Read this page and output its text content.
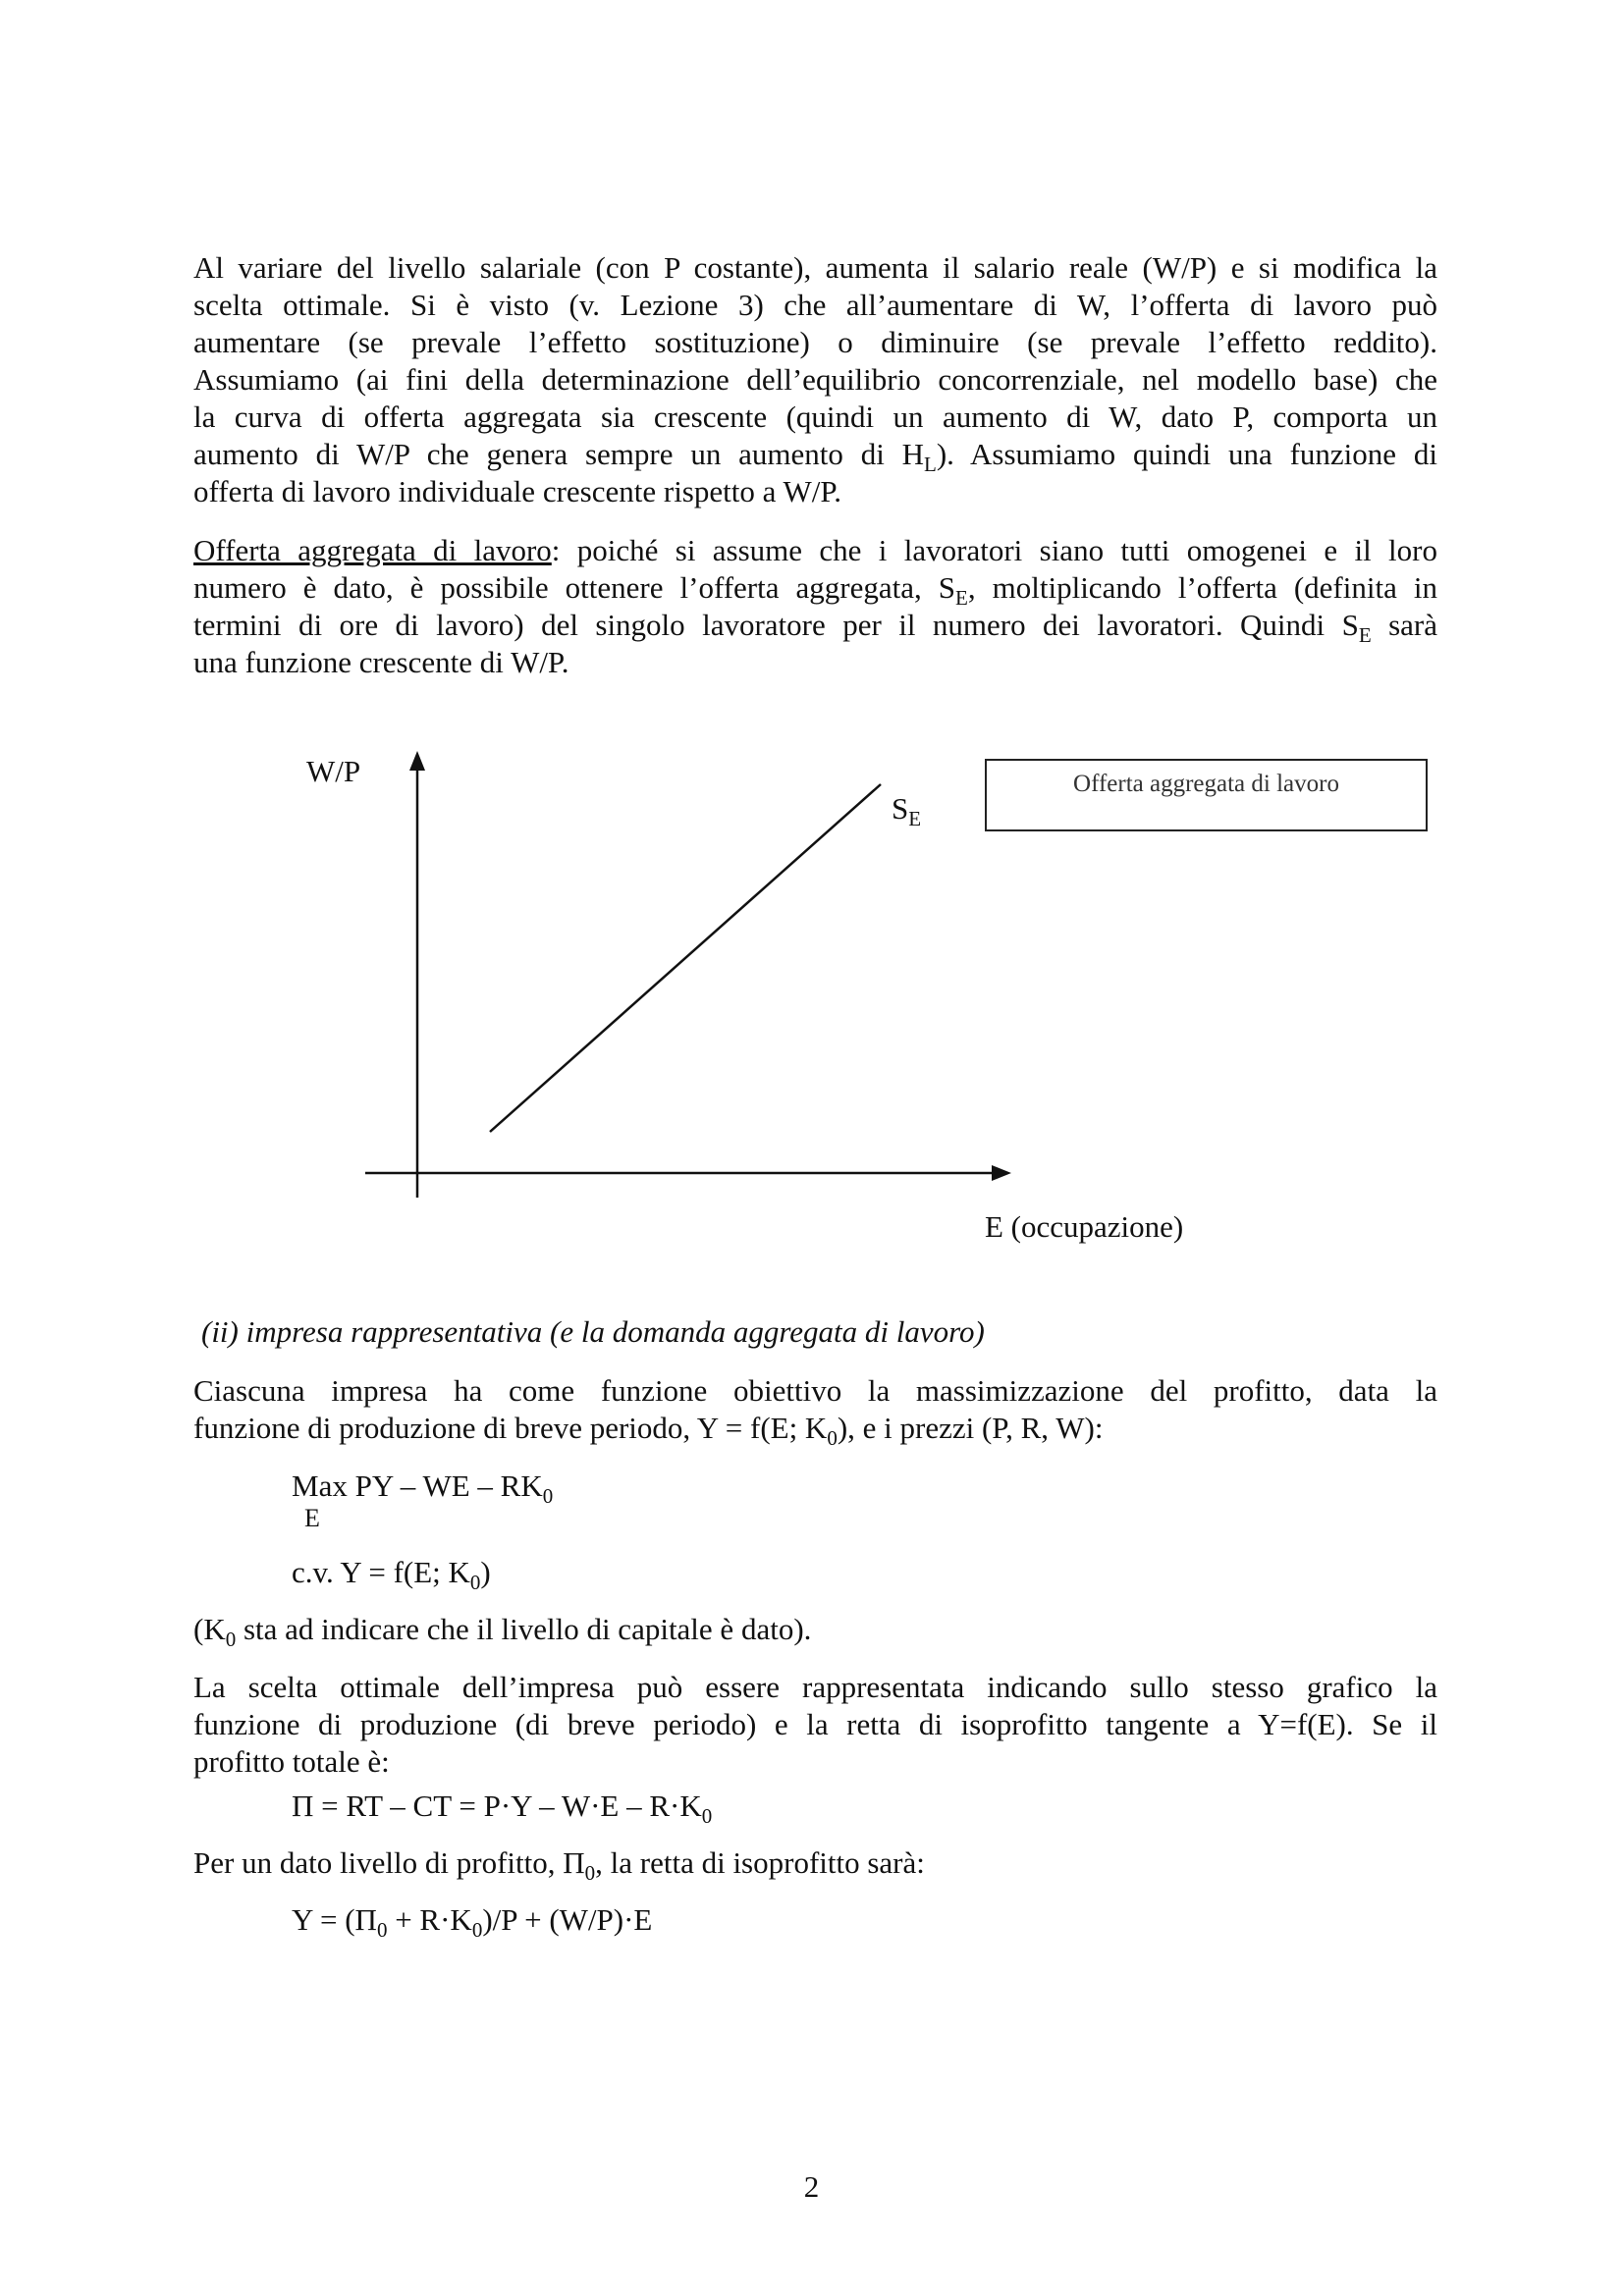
Al variare del livello salariale (con P costante), aumenta il salario reale (W/P) e si modifica la
scelta ottimale. Si è visto (v. Lezione 3) che all’aumentare di W, l’offerta di lavoro può
aumentare (se prevale l’effetto sostituzione) o diminuire (se prevale l’effetto reddito).
Assumiamo (ai fini della determinazione dell’equilibrio concorrenziale, nel modello base) che
la curva di offerta aggregata sia crescente (quindi un aumento di W, dato P, comporta un
aumento di W/P che genera sempre un aumento di $H_L$). Assumiamo quindi una funzione di
offerta di lavoro individuale crescente rispetto a W/P.
Offerta aggregata di lavoro: poiché si assume che i lavoratori siano tutti omogenei e il loro
numero è dato, è possibile ottenere l’offerta aggregata, $S_E$, moltiplicando l’offerta (definita in
termini di ore di lavoro) del singolo lavoratore per il numero dei lavoratori. Quindi $S_E$ sarà
una funzione crescente di W/P.
W/P
$S_E$
Offerta aggregata di lavoro
E (occupazione)
(ii) impresa rappresentativa (e la domanda aggregata di lavoro)
Ciascuna impresa ha come funzione obiettivo la massimizzazione del profitto, data la
funzione di produzione di breve periodo, Y = f(E; $K_0$), e i prezzi (P, R, W):
Max PY – WE – $RK_0$
E
c.v. Y = f(E; $K_0$)
($K_0$ sta ad indicare che il livello di capitale è dato).
La scelta ottimale dell’impresa può essere rappresentata indicando sullo stesso grafico la
funzione di produzione (di breve periodo) e la retta di isoprofitto tangente a Y=f(E). Se il
profitto totale è:
Π = RT – CT = $P\cdot Y - W\cdot E - R\cdot K_0$
Per un dato livello di profitto, $\Pi_0$, la retta di isoprofitto sarà:
$Y = (\Pi_0 + R\cdot K_0)/P + (W/P)\cdot E$
2
